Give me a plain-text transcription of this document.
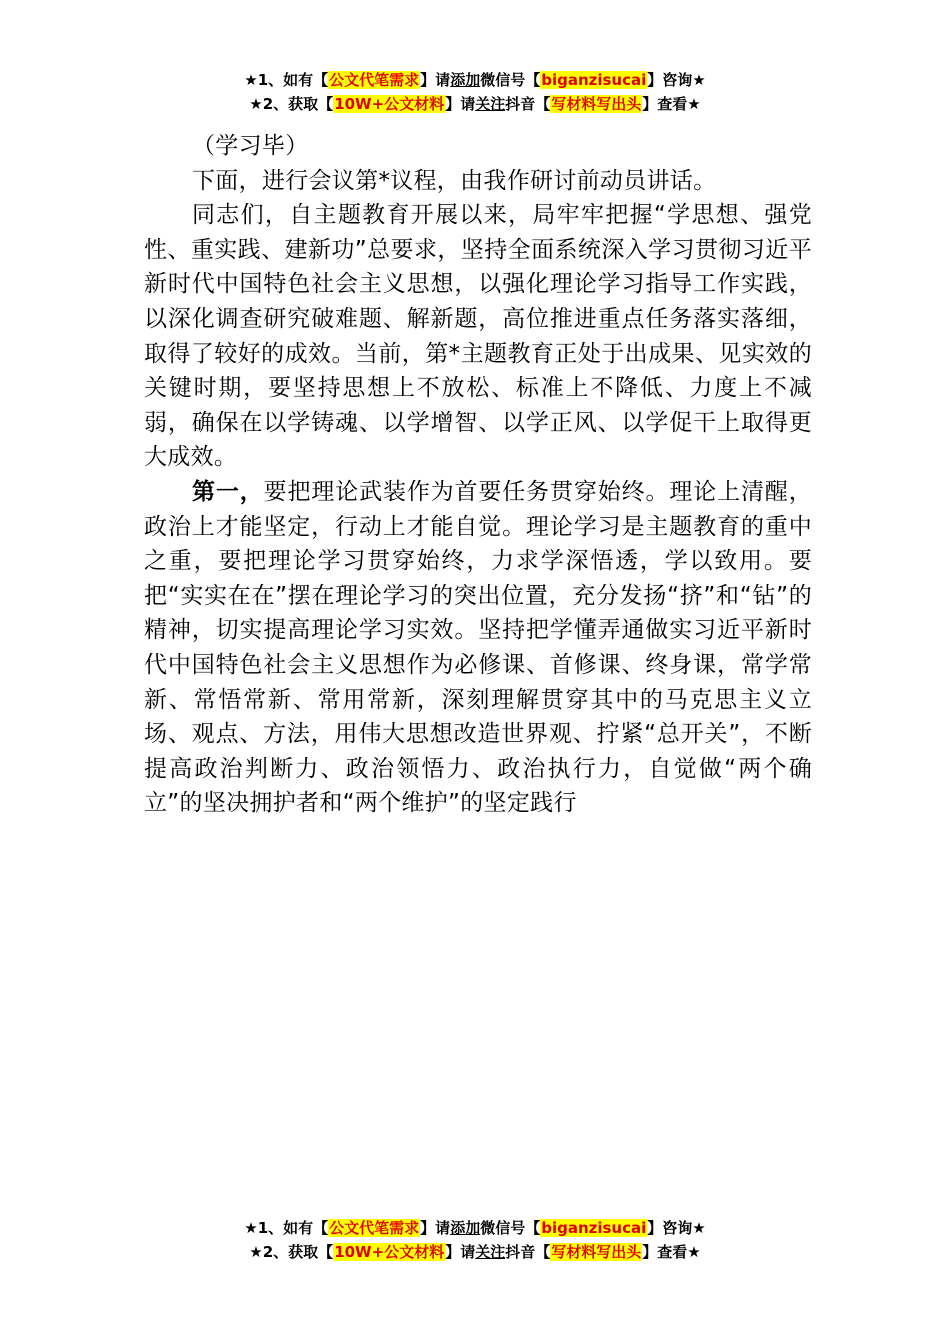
★1、如有【公文代笔需求】请添加微信号【biganzisucai】咨询★
★2、获取【10W+公文材料】请关注抖音【写材料写出头】查看★

（学习毕）

下面，进行会议第*议程，由我作研讨前动员讲话。

同志们，自主题教育开展以来，局牢牢把握“学思想、强党性、重实践、建新功”总要求，坚持全面系统深入学习贯彻习近平新时代中国特色社会主义思想，以强化理论学习指导工作实践，以深化调查研究破难题、解新题，高位推进重点任务落实落细，取得了较好的成效。当前，第*主题教育正处于出成果、见实效的关键时期，要坚持思想上不放松、标准上不降低、力度上不减弱，确保在以学铸魂、以学增智、以学正风、以学促干上取得更大成效。

第一，要把理论武装作为首要任务贯穿始终。理论上清醒，政治上才能坚定，行动上才能自觉。理论学习是主题教育的重中之重，要把理论学习贯穿始终，力求学深悟透，学以致用。要把“实实在在”摆在理论学习的突出位置，充分发扬“挤”和“钻”的精神，切实提高理论学习实效。坚持把学懂弄通做实习近平新时代中国特色社会主义思想作为必修课、首修课、终身课，常学常新、常悟常新、常用常新，深刻理解贯穿其中的马克思主义立场、观点、方法，用伟大思想改造世界观、拧紧“总开关”，不断提高政治判断力、政治领悟力、政治执行力，自觉做“两个确立”的坚决拥护者和“两个维护”的坚定践行

★1、如有【公文代笔需求】请添加微信号【biganzisucai】咨询★
★2、获取【10W+公文材料】请关注抖音【写材料写出头】查看★
